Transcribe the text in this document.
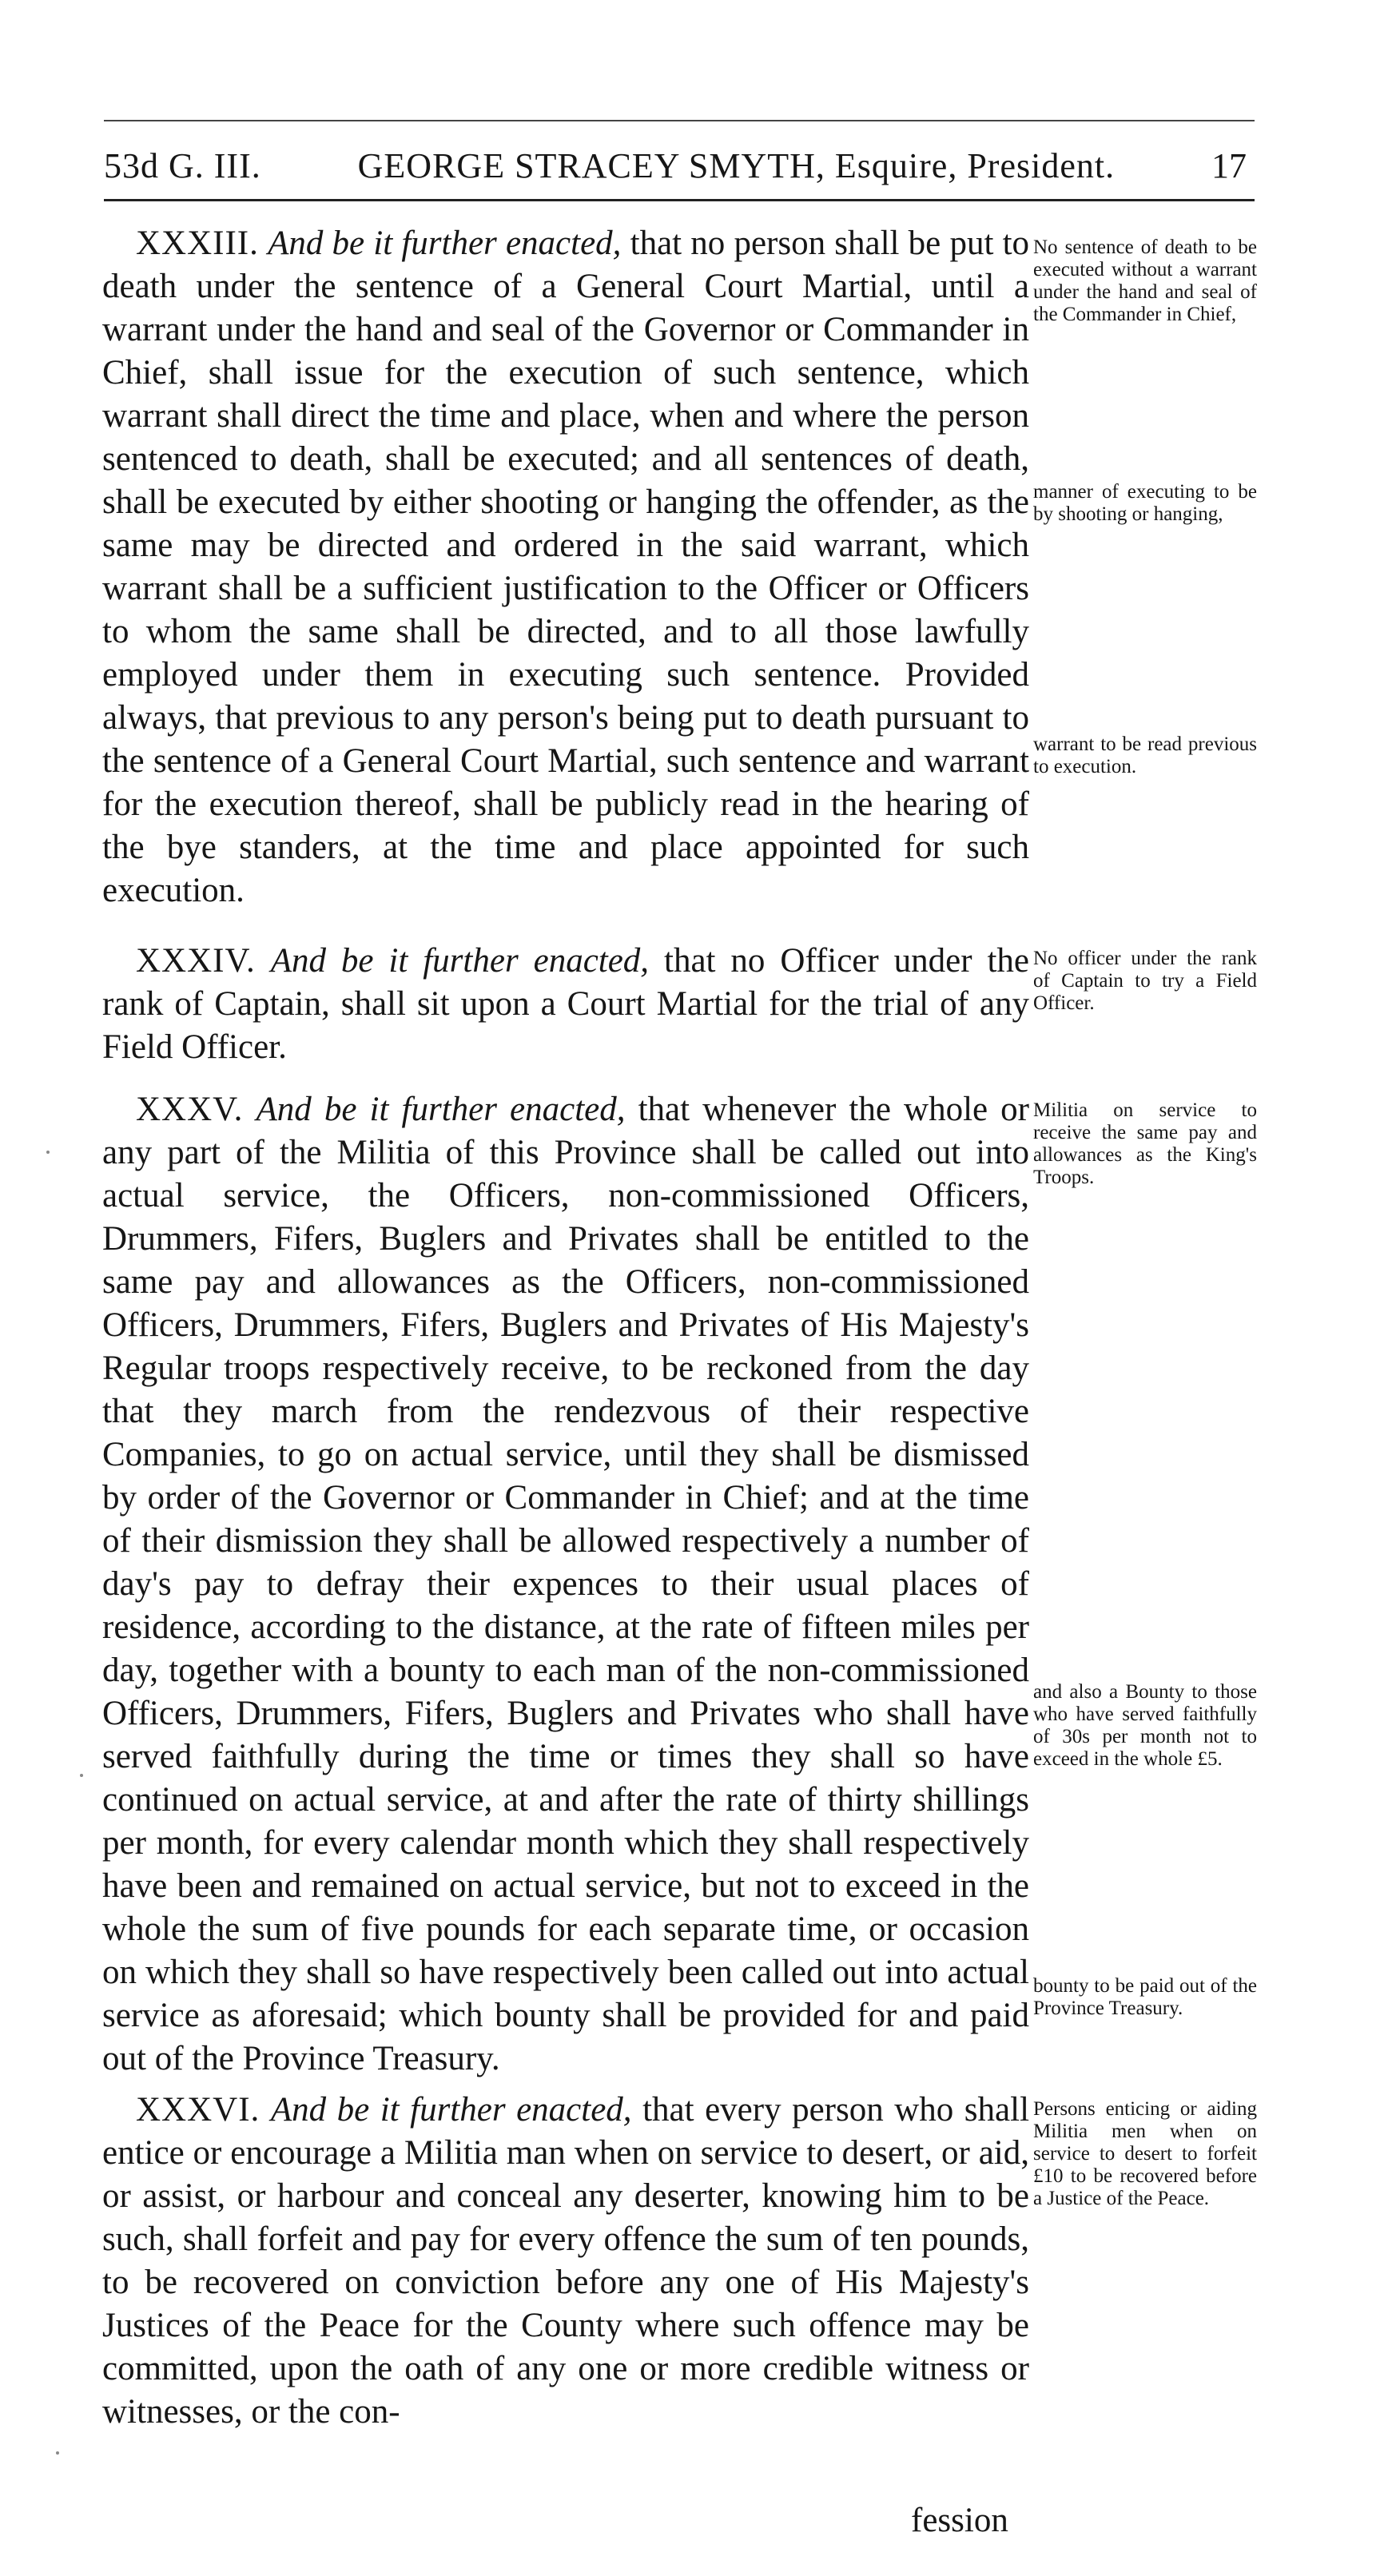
53d G. III.	GEORGE STRACEY SMYTH, Esquire, President.	17
XXXIII. And be it further enacted, that no person shall be put to death under the sentence of a General Court Martial, until a warrant under the hand and seal of the Governor or Commander in Chief, shall issue for the execution of such sentence, which warrant shall direct the time and place, when and where the person sentenced to death, shall be executed; and all sentences of death, shall be executed by either shooting or hanging the offender, as the same may be directed and ordered in the said warrant, which warrant shall be a sufficient justification to the Officer or Officers to whom the same shall be directed, and to all those lawfully employed under them in executing such sentence. Provided always, that previous to any person's being put to death pursuant to the sentence of a General Court Martial, such sentence and warrant for the execution thereof, shall be publicly read in the hearing of the bye standers, at the time and place appointed for such execution.
No sentence of death to be executed without a warrant under the hand and seal of the Commander in Chief,
manner of executing to be by shooting or hanging,
warrant to be read previous to execution.
XXXIV. And be it further enacted, that no Officer under the rank of Captain, shall sit upon a Court Martial for the trial of any Field Officer.
No officer under the rank of Captain to try a Field Officer.
XXXV. And be it further enacted, that whenever the whole or any part of the Militia of this Province shall be called out into actual service, the Officers, non-commissioned Officers, Drummers, Fifers, Buglers and Privates shall be entitled to the same pay and allowances as the Officers, non-commissioned Officers, Drummers, Fifers, Buglers and Privates of His Majesty's Regular troops respectively receive, to be reckoned from the day that they march from the rendezvous of their respective Companies, to go on actual service, until they shall be dismissed by order of the Governor or Commander in Chief; and at the time of their dismission they shall be allowed respectively a number of day's pay to defray their expences to their usual places of residence, according to the distance, at the rate of fifteen miles per day, together with a bounty to each man of the non-commissioned Officers, Drummers, Fifers, Buglers and Privates who shall have served faithfully during the time or times they shall so have continued on actual service, at and after the rate of thirty shillings per month, for every calendar month which they shall respectively have been and remained on actual service, but not to exceed in the whole the sum of five pounds for each separate time, or occasion on which they shall so have respectively been called out into actual service as aforesaid; which bounty shall be provided for and paid out of the Province Treasury.
Militia on service to receive the same pay and allowances as the King's Troops.
and also a Bounty to those who have served faithfully of 30s per month not to exceed in the whole £5.
bounty to be paid out of the Province Treasury.
XXXVI. And be it further enacted, that every person who shall entice or encourage a Militia man when on service to desert, or aid, or assist, or harbour and conceal any deserter, knowing him to be such, shall forfeit and pay for every offence the sum of ten pounds, to be recovered on conviction before any one of His Majesty's Justices of the Peace for the County where such offence may be committed, upon the oath of any one or more credible witness or witnesses, or the con-
Persons enticing or aiding Militia men when on service to desert to forfeit £10 to be recovered before a Justice of the Peace.
fession
